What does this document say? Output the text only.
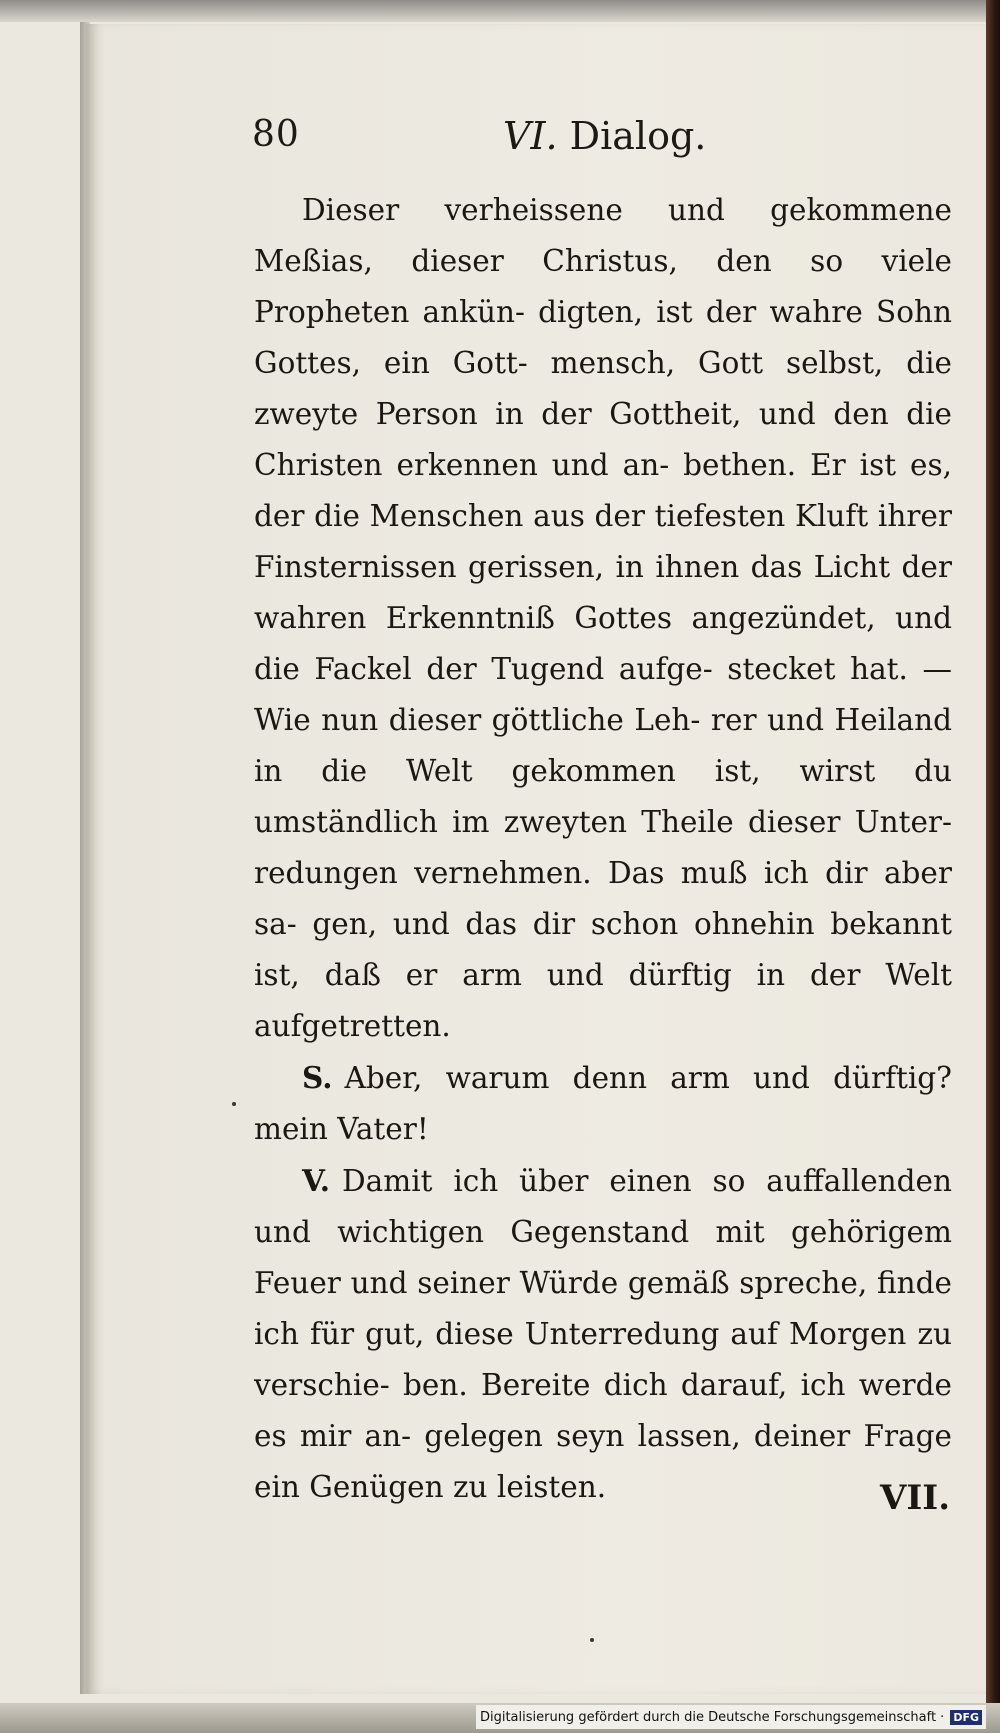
80	VI. Dialog.

Dieser verheissene und gekommene Meßias, dieser Christus, den so viele Propheten ankün- digten, ist der wahre Sohn Gottes, ein Gott- mensch, Gott selbst, die zweyte Person in der Gottheit, und den die Christen erkennen und an- bethen. Er ist es, der die Menschen aus der tiefesten Kluft ihrer Finsternissen gerissen, in ihnen das Licht der wahren Erkenntniß Gottes angezündet, und die Fackel der Tugend aufge- stecket hat. — Wie nun dieser göttliche Leh- rer und Heiland in die Welt gekommen ist, wirst du umständlich im zweyten Theile dieser Unter- redungen vernehmen. Das muß ich dir aber sa- gen, und das dir schon ohnehin bekannt ist, daß er arm und dürftig in der Welt aufgetretten.

S. Aber, warum denn arm und dürftig? mein Vater!

V. Damit ich über einen so auffallenden und wichtigen Gegenstand mit gehörigem Feuer und seiner Würde gemäß spreche, finde ich für gut, diese Unterredung auf Morgen zu verschie- ben. Bereite dich darauf, ich werde es mir an- gelegen seyn lassen, deiner Frage ein Genügen zu leisten.	VII.
Digitalisierung gefördert durch die Deutsche Forschungsgemeinschaft · DFG
